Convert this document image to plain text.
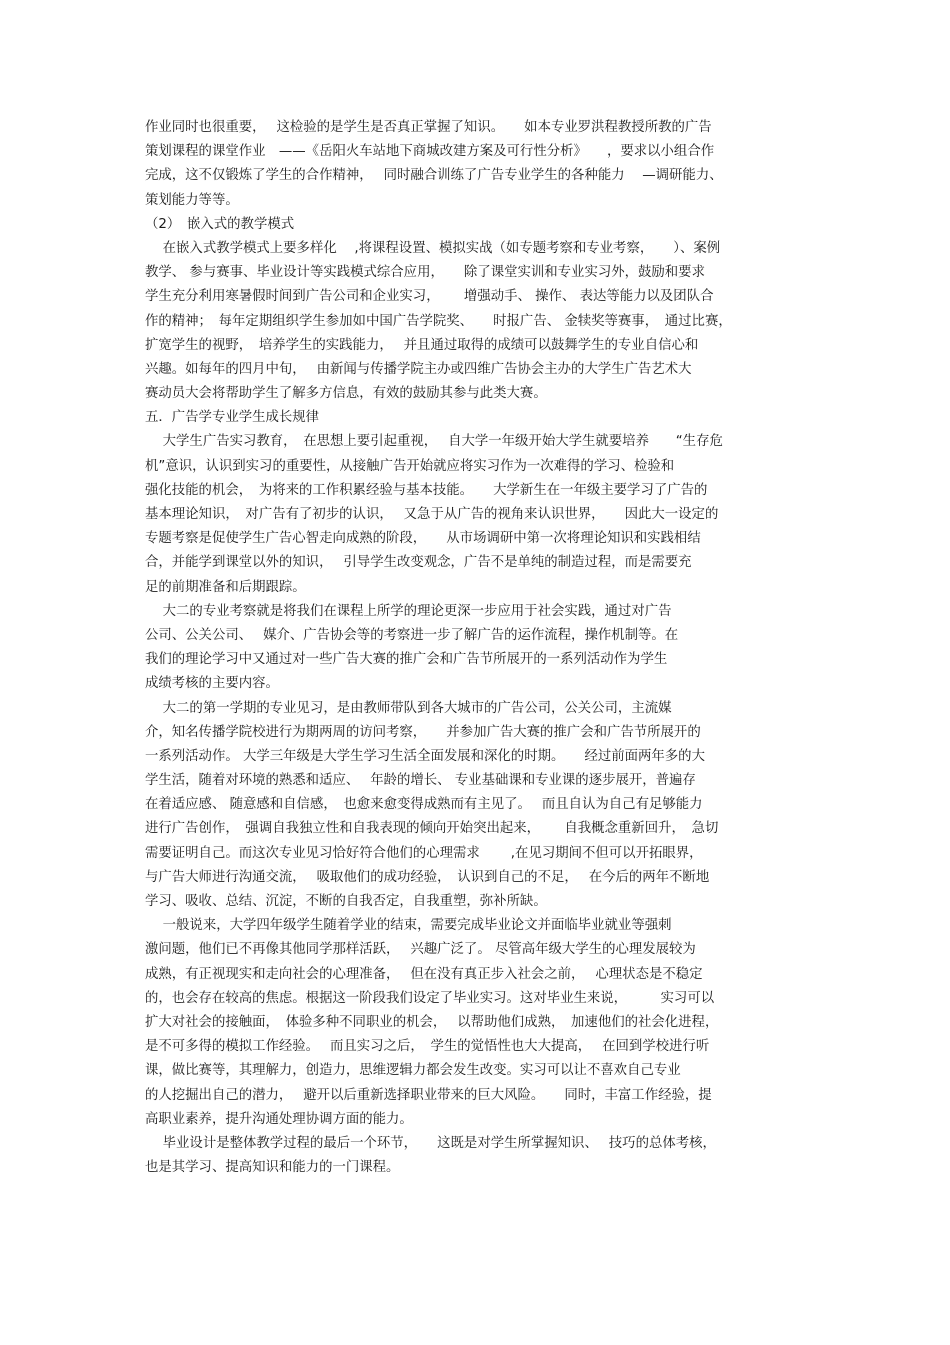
作业同时也很重要，　 这检验的是学生是否真正掌握了知识。　　如本专业罗洪程教授所教的广告
策划课程的课堂作业　——《岳阳火车站地下商城改建方案及可行性分析》　　，要求以小组合作
完成，这不仅锻炼了学生的合作精神，　 同时融合训练了广告专业学生的各种能力　 —调研能力、
策划能力等等。
（2）　嵌入式的教学模式
　 在嵌入式教学模式上要多样化　 ,将课程设置、模拟实战（如专题考察和专业考察，　　）、案例
教学、 参与赛事、毕业设计等实践模式综合应用，　　除了课堂实训和专业实习外，鼓励和要求
学生充分利用寒暑假时间到广告公司和企业实习，　　 增强动手、 操作、 表达等能力以及团队合
作的精神；　每年定期组织学生参加如中国广告学院奖、　　时报广告、 金犊奖等赛事，　通过比赛，
扩宽学生的视野，　培养学生的实践能力，　 并且通过取得的成绩可以鼓舞学生的专业自信心和
兴趣。如每年的四月中旬，　 由新闻与传播学院主办或四维广告协会主办的大学生广告艺术大
赛动员大会将帮助学生了解多方信息，有效的鼓励其参与此类大赛。
五．广告学专业学生成长规律
　 大学生广告实习教育，　在思想上要引起重视，　 自大学一年级开始大学生就要培养　　“生存危
机”意识，认识到实习的重要性，从接触广告开始就应将实习作为一次难得的学习、检验和
强化技能的机会，　为将来的工作积累经验与基本技能。　　大学新生在一年级主要学习了广告的
基本理论知识，　对广告有了初步的认识，　 又急于从广告的视角来认识世界，　　因此大一设定的
专题考察是促使学生广告心智走向成熟的阶段，　　从市场调研中第一次将理论知识和实践相结
合，并能学到课堂以外的知识，　 引导学生改变观念，广告不是单纯的制造过程，而是需要充
足的前期准备和后期跟踪。
　 大二的专业考察就是将我们在课程上所学的理论更深一步应用于社会实践，通过对广告
公司、公关公司、　 媒介、广告协会等的考察进一步了解广告的运作流程，操作机制等。在
我们的理论学习中又通过对一些广告大赛的推广会和广告节所展开的一系列活动作为学生
成绩考核的主要内容。
　 大二的第一学期的专业见习，是由教师带队到各大城市的广告公司，公关公司，主流媒
介，知名传播学院校进行为期两周的访问考察，　　并参加广告大赛的推广会和广告节所展开的
一系列活动作。 大学三年级是大学生学习生活全面发展和深化的时期。　　经过前面两年多的大
学生活，随着对环境的熟悉和适应、　 年龄的增长、 专业基础课和专业课的逐步展开，普遍存
在着适应感、 随意感和自信感，　也愈来愈变得成熟而有主见了。　 而且自认为自己有足够能力
进行广告创作，　强调自我独立性和自我表现的倾向开始突出起来，　　 自我概念重新回升，　急切
需要证明自己。而这次专业见习恰好符合他们的心理需求　　 ,在见习期间不但可以开拓眼界，
与广告大师进行沟通交流，　 吸取他们的成功经验，　认识到自己的不足，　 在今后的两年不断地
学习、吸收、总结、沉淀，不断的自我否定，自我重塑，弥补所缺。
　 一般说来，大学四年级学生随着学业的结束，需要完成毕业论文并面临毕业就业等强刺
激问题，他们已不再像其他同学那样活跃，　 兴趣广泛了。 尽管高年级大学生的心理发展较为
成熟，有正视现实和走向社会的心理准备，　 但在没有真正步入社会之前，　 心理状态是不稳定
的，也会存在较高的焦虑。根据这一阶段我们设定了毕业实习。这对毕业生来说，　　　实习可以
扩大对社会的接触面，　体验多种不同职业的机会，　 以帮助他们成熟，　加速他们的社会化进程，
是不可多得的模拟工作经验。　 而且实习之后，　学生的觉悟性也大大提高，　 在回到学校进行听
课，做比赛等，其理解力，创造力，思维逻辑力都会发生改变。实习可以让不喜欢自己专业
的人挖掘出自己的潜力，　 避开以后重新选择职业带来的巨大风险。　　同时，丰富工作经验，提
高职业素养，提升沟通处理协调方面的能力。
　 毕业设计是整体教学过程的最后一个环节，　　这既是对学生所掌握知识、　 技巧的总体考核，
也是其学习、提高知识和能力的一门课程。
